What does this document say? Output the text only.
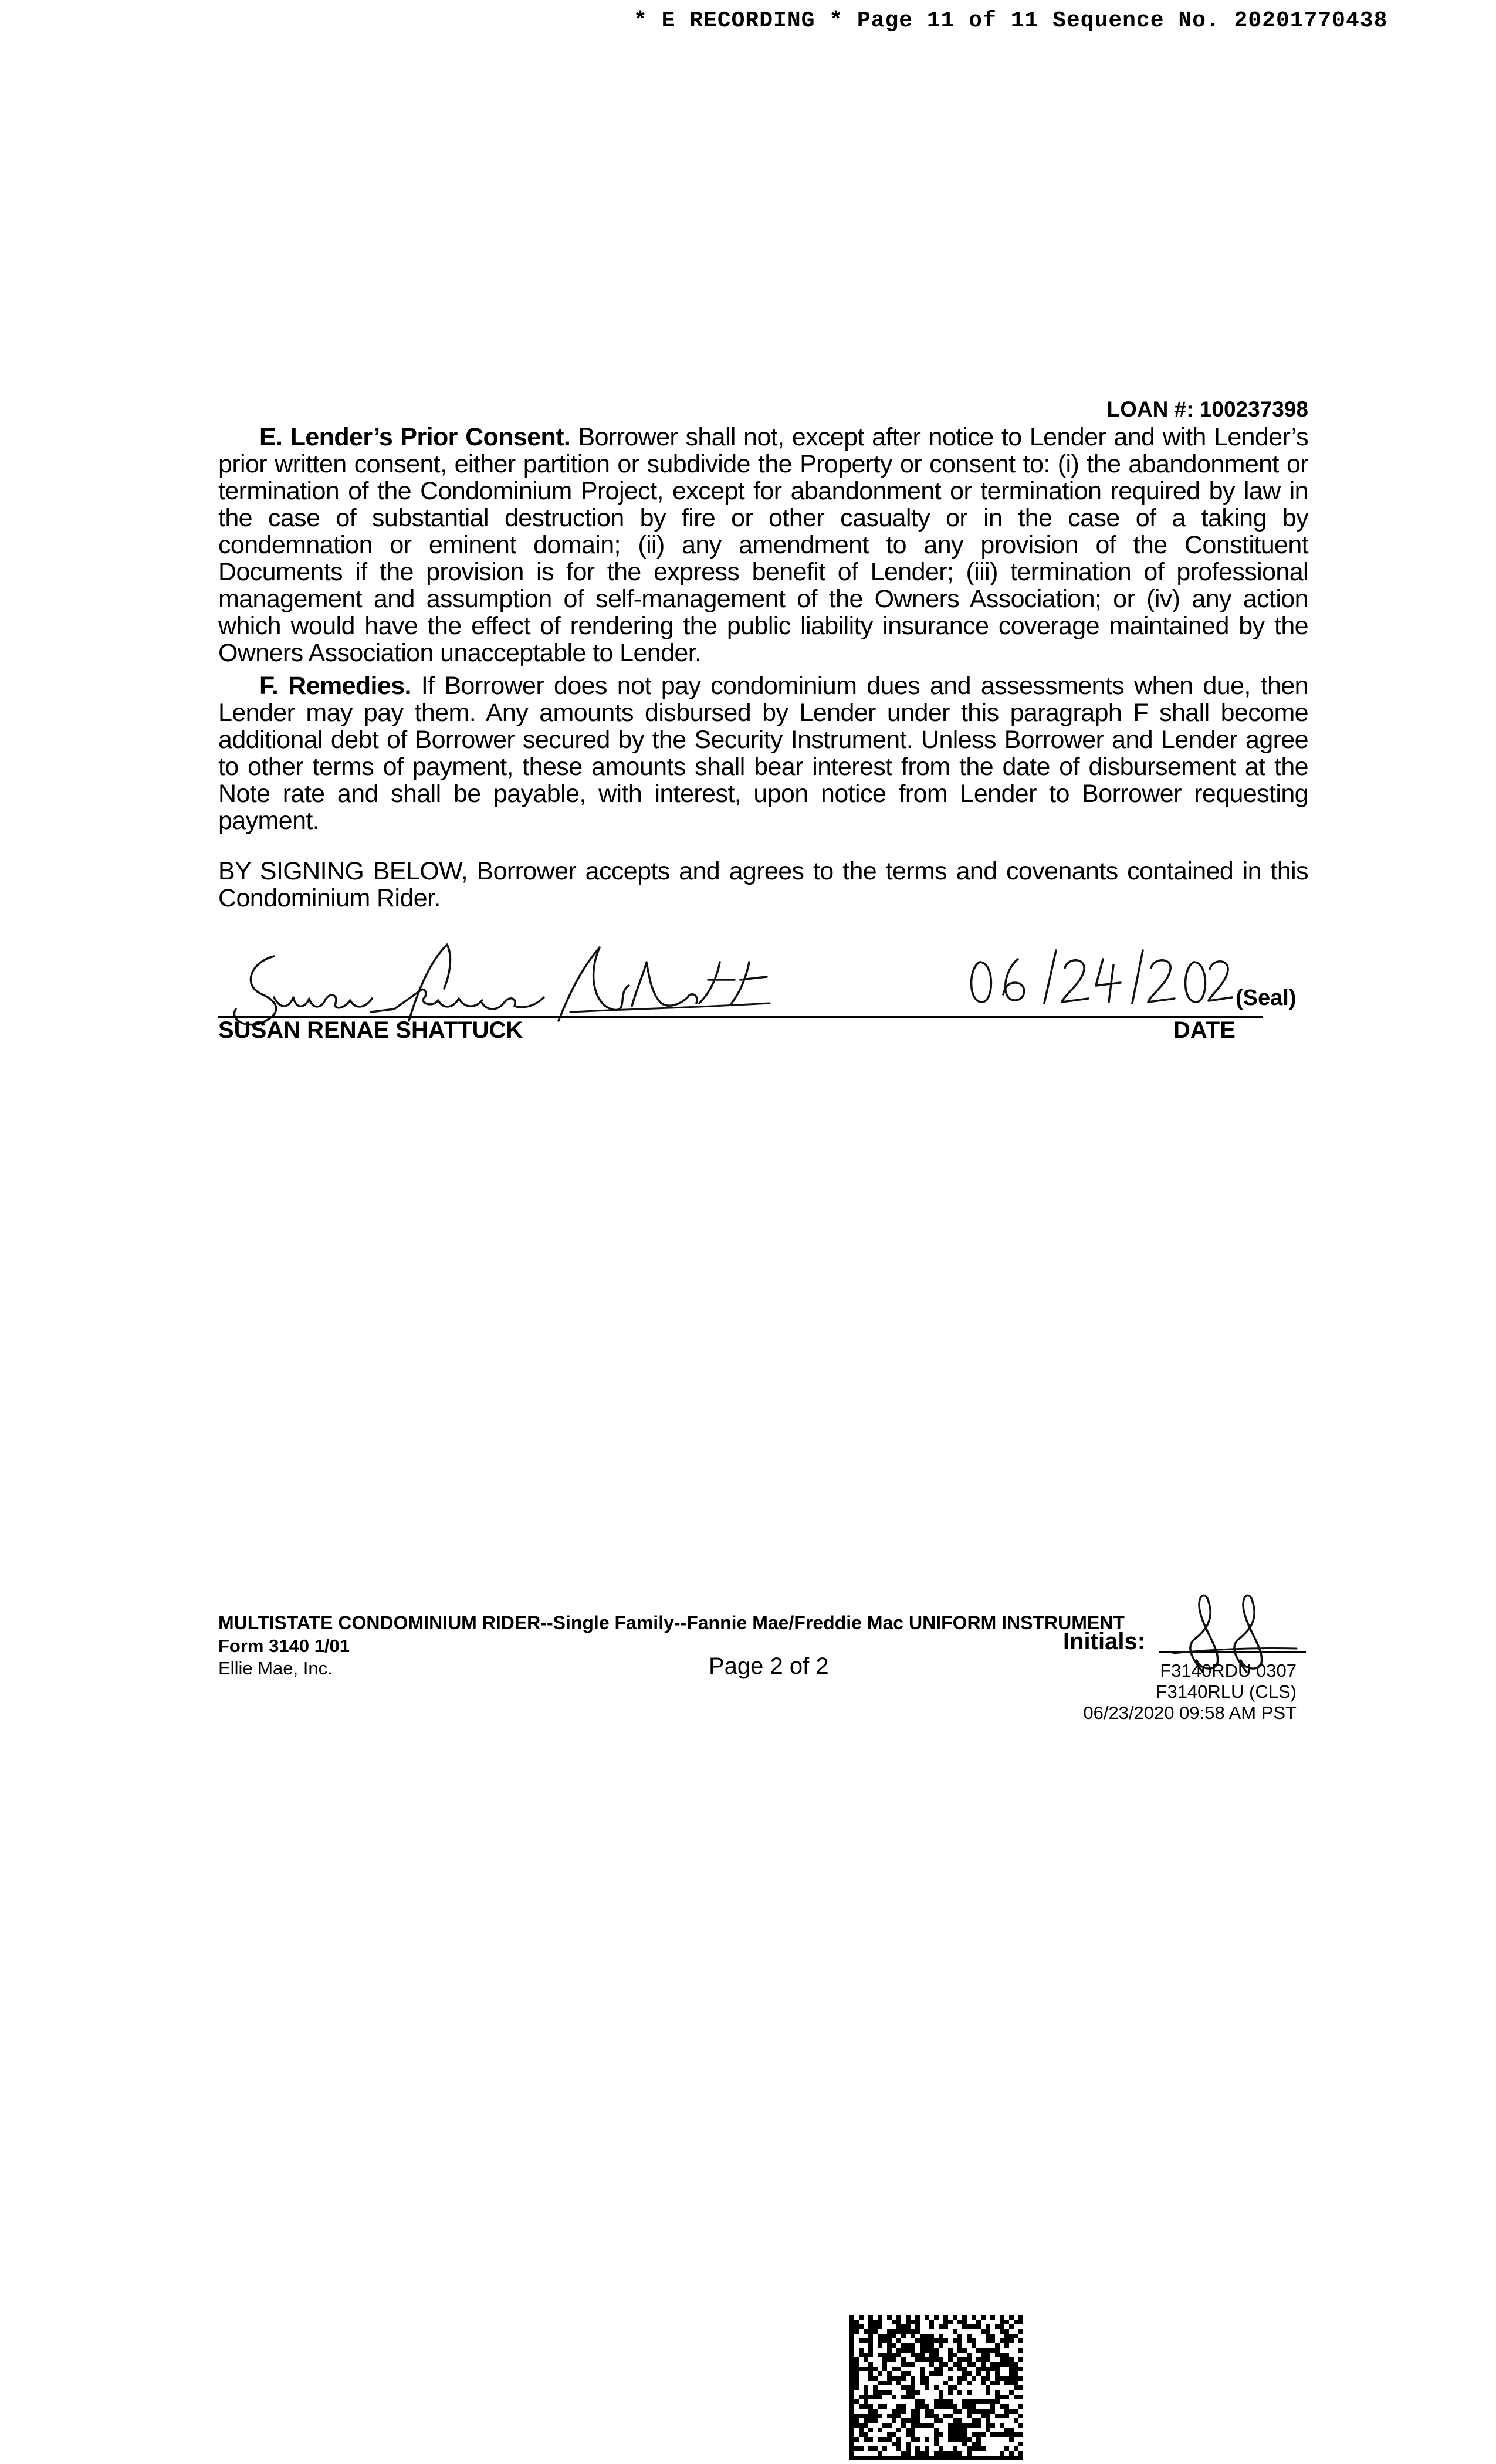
* E RECORDING * Page 11 of 11 Sequence No. 20201770438
LOAN #: 100237398
E. Lender’s Prior Consent. Borrower shall not, except after notice to Lender and with Lender’s prior written consent, either partition or subdivide the Property or consent to: (i) the abandonment or termination of the Condominium Project, except for abandonment or termination required by law in the case of substantial destruction by fire or other casualty or in the case of a taking by condemnation or eminent domain; (ii) any amendment to any provision of the Constituent Documents if the provision is for the express benefit of Lender; (iii) termination of professional management and assumption of self-management of the Owners Association; or (iv) any action which would have the effect of rendering the public liability insurance coverage maintained by the Owners Association unacceptable to Lender.
F. Remedies. If Borrower does not pay condominium dues and assessments when due, then Lender may pay them. Any amounts disbursed by Lender under this paragraph F shall become additional debt of Borrower secured by the Security Instrument. Unless Borrower and Lender agree to other terms of payment, these amounts shall bear interest from the date of disbursement at the Note rate and shall be payable, with interest, upon notice from Lender to Borrower requesting payment.
BY SIGNING BELOW, Borrower accepts and agrees to the terms and covenants contained in this Condominium Rider.
(Seal)
SUSAN RENAE SHATTUCK	DATE
MULTISTATE CONDOMINIUM RIDER--Single Family--Fannie Mae/Freddie Mac UNIFORM INSTRUMENT
Form 3140 1/01
Ellie Mae, Inc.	Page 2 of 2
Initials:
F3140RDU 0307
F3140RLU (CLS)
06/23/2020 09:58 AM PST
